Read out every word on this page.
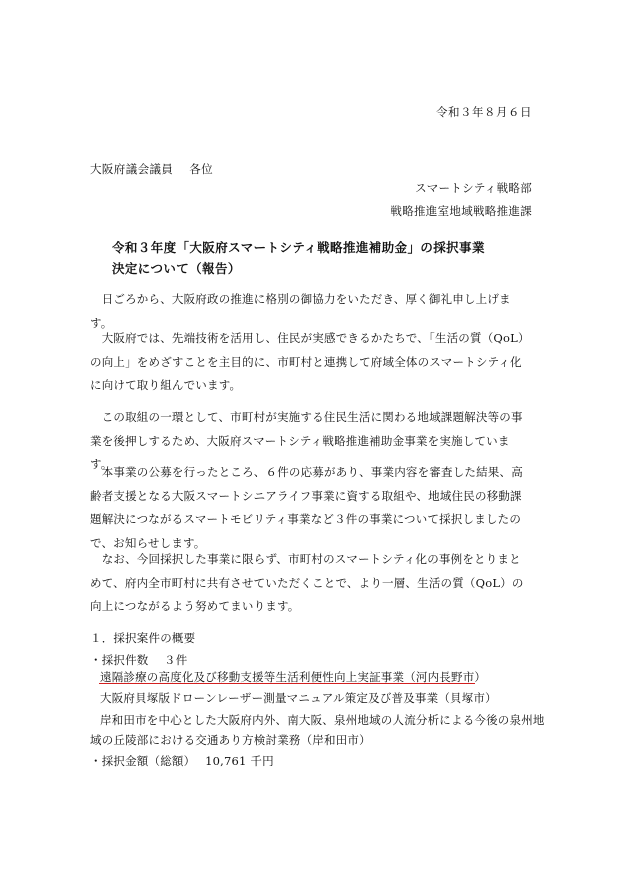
令和３年８月６日
大阪府議会議員　 各位
スマートシティ戦略部
戦略推進室地域戦略推進課
令和３年度「大阪府スマートシティ戦略推進補助金」の採択事業
決定について（報告）
　日ごろから、大阪府政の推進に格別の御協力をいただき、厚く御礼申し上げます。
　大阪府では、先端技術を活用し、住民が実感できるかたちで、「生活の質（QoL）の向上」をめざすことを主目的に、市町村と連携して府域全体のスマートシティ化に向けて取り組んでいます。
　この取組の一環として、市町村が実施する住民生活に関わる地域課題解決等の事業を後押しするため、大阪府スマートシティ戦略推進補助金事業を実施しています。
　本事業の公募を行ったところ、６件の応募があり、事業内容を審査した結果、高齢者支援となる大阪スマートシニアライフ事業に資する取組や、地域住民の移動課題解決につながるスマートモビリティ事業など３件の事業について採択しましたので、お知らせします。
　なお、今回採択した事業に限らず、市町村のスマートシティ化の事例をとりまとめて、府内全市町村に共有させていただくことで、より一層、生活の質（QoL）の向上につながるよう努めてまいります。
１．採択案件の概要
・採択件数　 ３件
遠隔診療の高度化及び移動支援等生活利便性向上実証事業（河内長野市）
大阪府貝塚版ドローンレーザー測量マニュアル策定及び普及事業（貝塚市）
岸和田市を中心とした大阪府内外、南大阪、泉州地域の人流分析による今後の泉州地
域の丘陵部における交通あり方検討業務（岸和田市）
・採択金額（総額）　 10,761 千円
